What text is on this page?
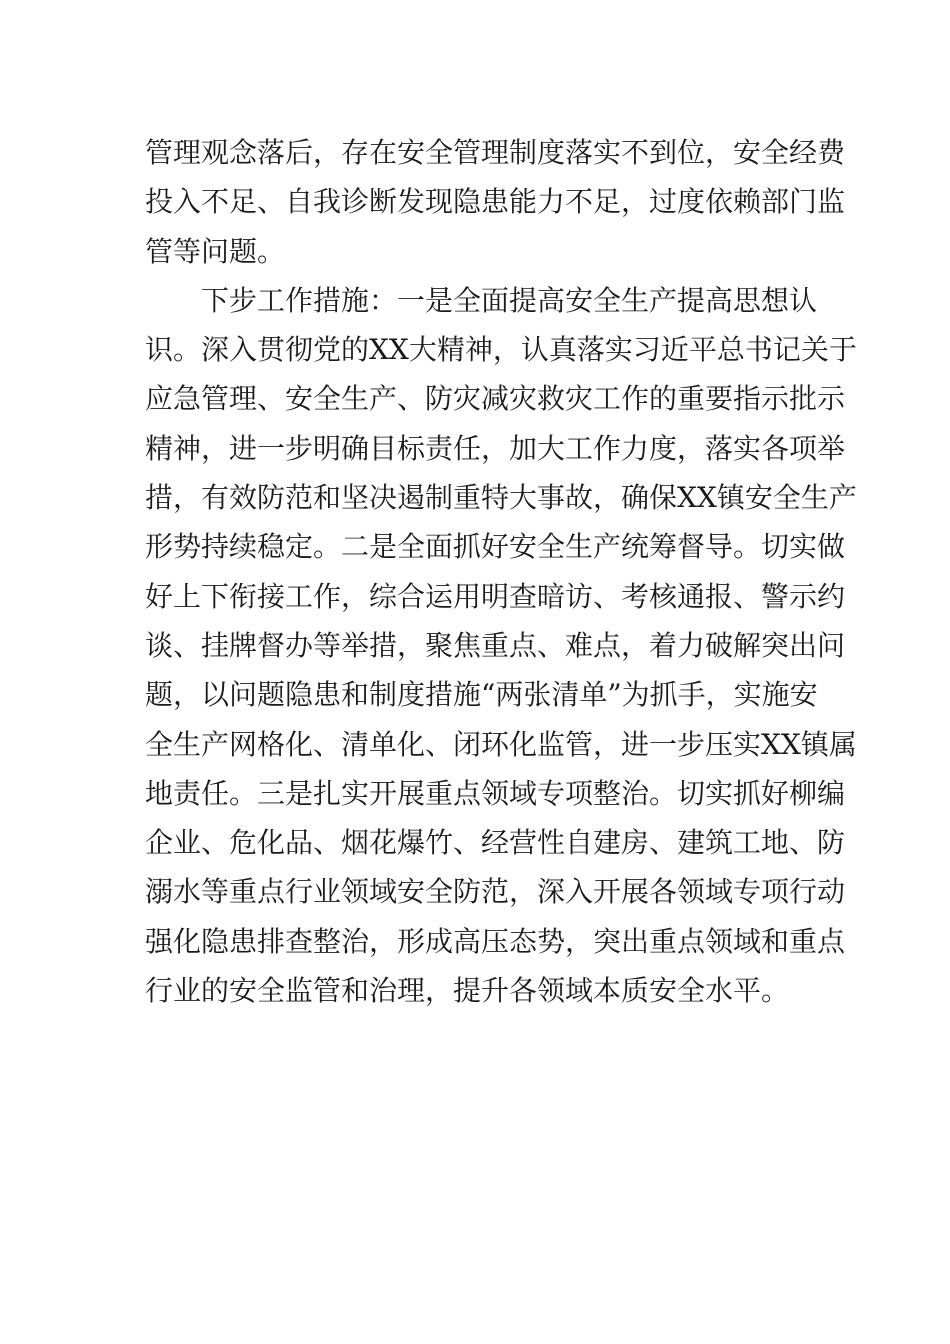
管理观念落后，存在安全管理制度落实不到位，安全经费
投入不足、自我诊断发现隐患能力不足，过度依赖部门监
管等问题。
　　下步工作措施：一是全面提高安全生产提高思想认
识。深入贯彻党的XX大精神，认真落实习近平总书记关于
应急管理、安全生产、防灾减灾救灾工作的重要指示批示
精神，进一步明确目标责任，加大工作力度，落实各项举
措，有效防范和坚决遏制重特大事故，确保XX镇安全生产
形势持续稳定。二是全面抓好安全生产统筹督导。切实做
好上下衔接工作，综合运用明查暗访、考核通报、警示约
谈、挂牌督办等举措，聚焦重点、难点，着力破解突出问
题，以问题隐患和制度措施“两张清单”为抓手，实施安
全生产网格化、清单化、闭环化监管，进一步压实XX镇属
地责任。三是扎实开展重点领域专项整治。切实抓好柳编
企业、危化品、烟花爆竹、经营性自建房、建筑工地、防
溺水等重点行业领域安全防范，深入开展各领域专项行动
强化隐患排查整治，形成高压态势，突出重点领域和重点
行业的安全监管和治理，提升各领域本质安全水平。
